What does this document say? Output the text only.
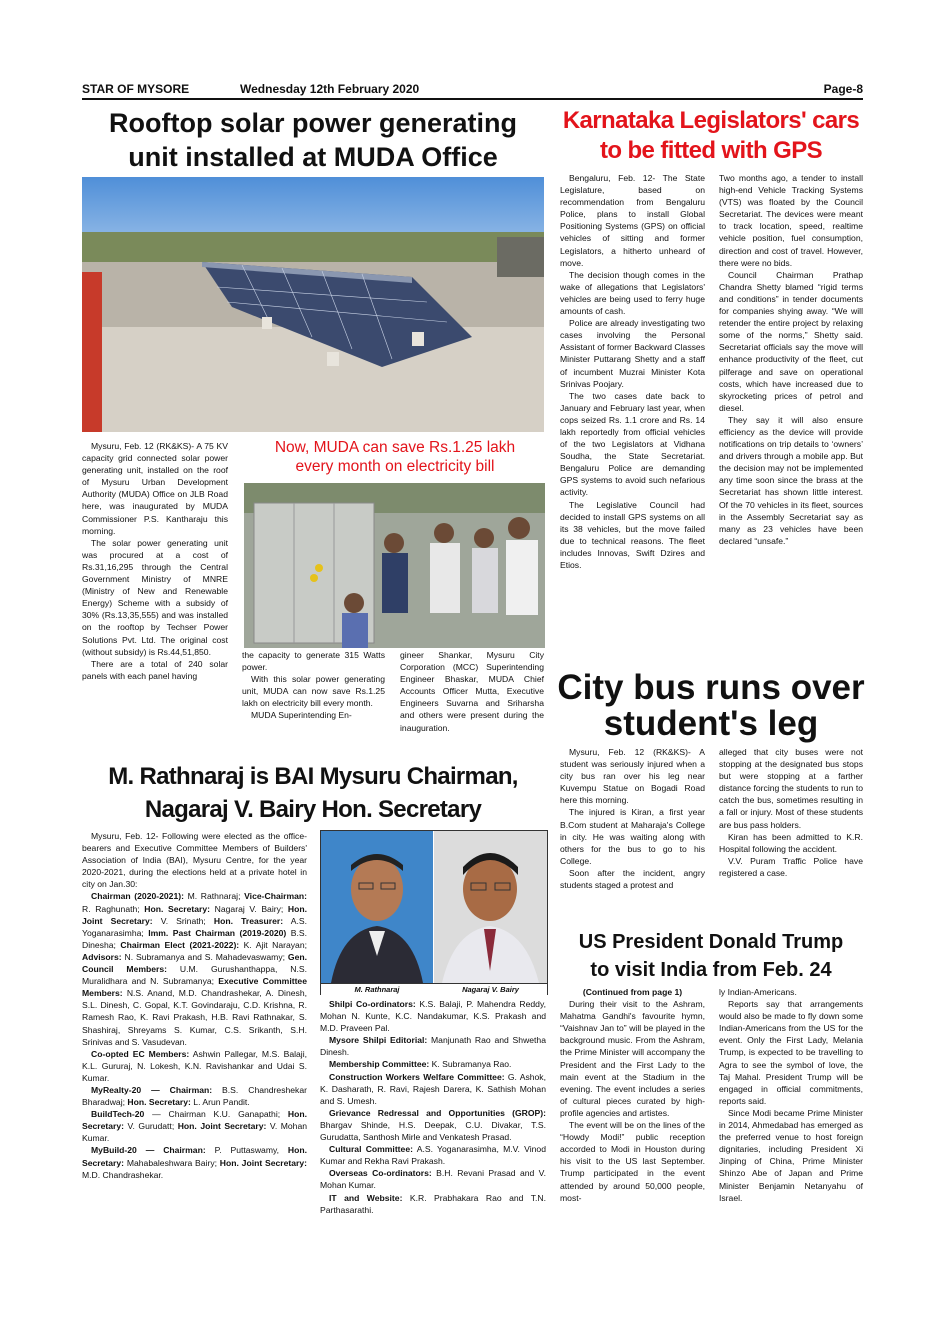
STAR OF MYSORE	Wednesday 12th February 2020	Page-8
Rooftop solar power generating
unit installed at MUDA Office
Now, MUDA can save Rs.1.25 lakh
every month on electricity bill

Mysuru, Feb. 12 (RK&KS)- A 75 KV capacity grid connected solar power generating unit, installed on the roof of Mysuru Urban Development Authority (MUDA) Office on JLB Road here, was inaugurated by MUDA Commissioner P.S. Kantharaju this morning.

The solar power generating unit was procured at a cost of Rs.31,16,295 through the Central Government Ministry of MNRE (Ministry of New and Renewable Energy) Scheme with a subsidy of 30% (Rs.13,35,555) and was installed on the rooftop by Techser Power Solutions Pvt. Ltd. The original cost (without subsidy) is Rs.44,51,850.

There are a total of 240 solar panels with each panel having

the capacity to generate 315 Watts power.

With this solar power generating unit, MUDA can now save Rs.1.25 lakh on electricity bill every month.

MUDA Superintending En-

gineer Shankar, Mysuru City Corporation (MCC) Superintending Engineer Bhaskar, MUDA Chief Accounts Officer Mutta, Executive Engineers Suvarna and Sriharsha and others were present during the inauguration.

Karnataka Legislators' cars
to be fitted with GPS

Bengaluru, Feb. 12- The State Legislature, based on recommendation from Bengaluru Police, plans to install Global Positioning Systems (GPS) on official vehicles of sitting and former Legislators, a hitherto unheard of move.

The decision though comes in the wake of allegations that Legislators' vehicles are being used to ferry huge amounts of cash.

Police are already investigating two cases involving the Personal Assistant of former Backward Classes Minister Puttarang Shetty and a staff of incumbent Muzrai Minister Kota Srinivas Poojary.

The two cases date back to January and February last year, when cops seized Rs. 1.1 crore and Rs. 14 lakh reportedly from official vehicles of the two Legislators at Vidhana Soudha, the State Secretariat. Bengaluru Police are demanding GPS systems to avoid such nefarious activity.

The Legislative Council had decided to install GPS systems on all its 38 vehicles, but the move failed due to technical reasons. The fleet includes Innovas, Swift Dzires and Etios.

Two months ago, a tender to install high-end Vehicle Tracking Systems (VTS) was floated by the Council Secretariat. The devices were meant to track location, speed, realtime vehicle position, fuel consumption, direction and cost of travel. However, there were no bids.

Council Chairman Prathap Chandra Shetty blamed “rigid terms and conditions” in tender documents for companies shying away. “We will retender the entire project by relaxing some of the norms,” Shetty said. Secretariat officials say the move will enhance productivity of the fleet, cut pilferage and save on operational costs, which have increased due to skyrocketing prices of petrol and diesel.

They say it will also ensure efficiency as the device will provide notifications on trip details to ‘owners’ and drivers through a mobile app. But the decision may not be implemented any time soon since the brass at the Secretariat has shown little interest. Of the 70 vehicles in its fleet, sources in the Assembly Secretariat say as many as 23 vehicles have been declared “unsafe.”

City bus runs over
student's leg

Mysuru, Feb. 12 (RK&KS)- A student was seriously injured when a city bus ran over his leg near Kuvempu Statue on Bogadi Road here this morning.

The injured is Kiran, a first year B.Com student at Maharaja's College in city. He was waiting along with others for the bus to go to his College.

Soon after the incident, angry students staged a protest and

alleged that city buses were not stopping at the designated bus stops but were stopping at a farther distance forcing the students to run to catch the bus, sometimes resulting in a fall or injury. Most of these students are bus pass holders.

Kiran has been admitted to K.R. Hospital following the accident.

V.V. Puram Traffic Police have registered a case.

M. Rathnaraj is BAI Mysuru Chairman,
Nagaraj V. Bairy Hon. Secretary

Mysuru, Feb. 12- Following were elected as the office-bearers and Executive Committee Members of Builders' Association of India (BAI), Mysuru Centre, for the year 2020-2021, during the elections held at a private hotel in city on Jan.30:

Chairman (2020-2021): M. Rathnaraj; Vice-Chairman: R. Raghunath; Hon. Secretary: Nagaraj V. Bairy; Hon. Joint Secretary: V. Srinath; Hon. Treasurer: A.S. Yoganarasimha; Imm. Past Chairman (2019-2020) B.S. Dinesha; Chairman Elect (2021-2022): K. Ajit Narayan; Advisors: N. Subramanya and S. Mahadevaswamy; Gen. Council Members: U.M. Gurushanthappa, N.S. Muralidhara and N. Subramanya; Executive Committee Members: N.S. Anand, M.D. Chandrashekar, A. Dinesh, S.L. Dinesh, C. Gopal, K.T. Govindaraju, C.D. Krishna, R. Ramesh Rao, K. Ravi Prakash, H.B. Ravi Rathnakar, S. Shashiraj, Shreyams S. Kumar, C.S. Srikanth, S.H. Srinivas and S. Vasudevan.

Co-opted EC Members: Ashwin Pallegar, M.S. Balaji, K.L. Gururaj, N. Lokesh, K.N. Ravishankar and Udai S. Kumar.

MyRealty-20 — Chairman: B.S. Chandreshekar Bharadwaj; Hon. Secretary: L. Arun Pandit.

BuildTech-20 — Chairman K.U. Ganapathi; Hon. Secretary: V. Gurudatt; Hon. Joint Secretary: V. Mohan Kumar.

MyBuild-20 — Chairman: P. Puttaswamy, Hon. Secretary: Mahabaleshwara Bairy; Hon. Joint Secretary: M.D. Chandrashekar.

M. Rathnaraj	Nagaraj V. Bairy

Shilpi Co-ordinators: K.S. Balaji, P. Mahendra Reddy, Mohan N. Kunte, K.C. Nandakumar, K.S. Prakash and M.D. Praveen Pal.

Mysore Shilpi Editorial: Manjunath Rao and Shwetha Dinesh.

Membership Committee: K. Subramanya Rao.

Construction Workers Welfare Committee: G. Ashok, K. Dasharath, R. Ravi, Rajesh Darera, K. Sathish Mohan and S. Umesh.

Grievance Redressal and Opportunities (GROP): Bhargav Shinde, H.S. Deepak, C.U. Divakar, T.S. Gurudatta, Santhosh Mirle and Venkatesh Prasad.

Cultural Committee: A.S. Yoganarasimha, M.V. Vinod Kumar and Rekha Ravi Prakash.

Overseas Co-ordinators: B.H. Revani Prasad and V. Mohan Kumar.

IT and Website: K.R. Prabhakara Rao and T.N. Parthasarathi.

US President Donald Trump
to visit India from Feb. 24

(Continued from page 1)

During their visit to the Ashram, Mahatma Gandhi's favourite hymn, “Vaishnav Jan to” will be played in the background music. From the Ashram, the Prime Minister will accompany the President and the First Lady to the main event at the Stadium in the evening. The event includes a series of cultural pieces curated by high-profile agencies and artistes.

The event will be on the lines of the “Howdy Modi!” public reception accorded to Modi in Houston during his visit to the US last September. Trump participated in the event attended by around 50,000 people, most-

ly Indian-Americans.

Reports say that arrangements would also be made to fly down some Indian-Americans from the US for the event. Only the First Lady, Melania Trump, is expected to be travelling to Agra to see the symbol of love, the Taj Mahal. President Trump will be engaged in official commitments, reports said.

Since Modi became Prime Minister in 2014, Ahmedabad has emerged as the preferred venue to host foreign dignitaries, including President Xi Jinping of China, Prime Minister Shinzo Abe of Japan and Prime Minister Benjamin Netanyahu of Israel.
